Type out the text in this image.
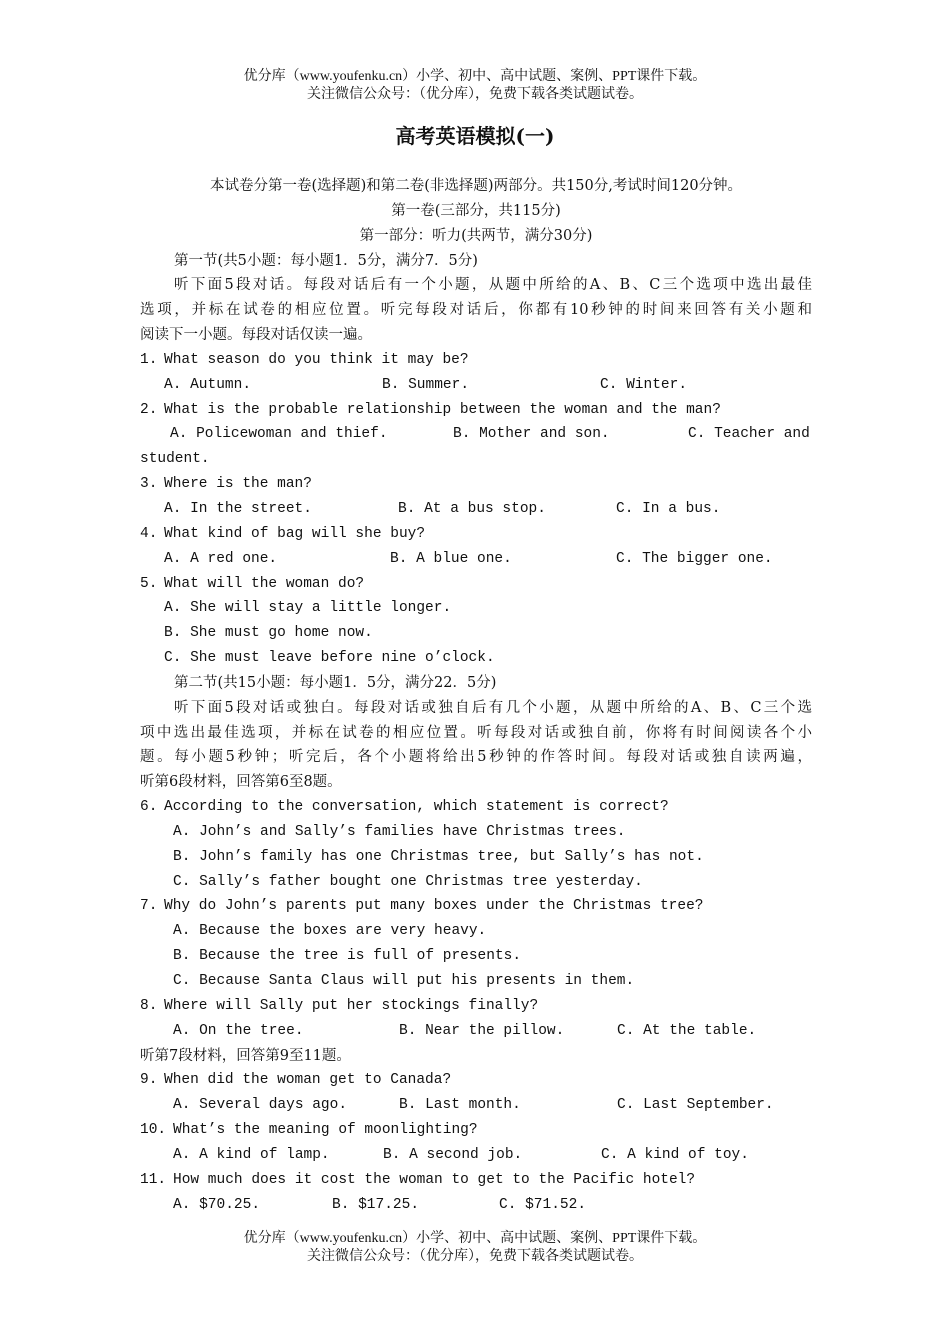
优分库（www.youfenku.cn）小学、初中、高中试题、案例、PPT课件下载。
关注微信公众号：（优分库），免费下载各类试题试卷。
高考英语模拟(一)
本试卷分第一卷(选择题)和第二卷(非选择题)两部分。共150分,考试时间120分钟。
第一卷(三部分，共115分)
第一部分：听力(共两节，满分30分)
第一节(共5小题：每小题1．5分，满分7．5分)
听下面5段对话。每段对话后有一个小题，从题中所给的A、B、C三个选项中选出最佳
选项，并标在试卷的相应位置。听完每段对话后，你都有10秒钟的时间来回答有关小题和
阅读下一小题。每段对话仅读一遍。
1. What season do you think it may be?
A. Autumn.	B. Summer.	C. Winter.
2. What is the probable relationship between the woman and the man?
A. Policewoman and thief.	B. Mother and son.	C. Teacher and
student.
3. Where is the man?
A. In the street.	B. At a bus stop.	C. In a bus.
4. What kind of bag will she buy?
A. A red one.	B. A blue one.	C. The bigger one.
5. What will the woman do?
A. She will stay a little longer.
B. She must go home now.
C. She must leave before nine o’clock.
第二节(共15小题：每小题1．5分，满分22．5分)
听下面5段对话或独白。每段对话或独自后有几个小题，从题中所给的A、B、C三个选
项中选出最佳选项，并标在试卷的相应位置。听每段对话或独自前，你将有时间阅读各个小
题。每小题5秒钟；听完后，各个小题将给出5秒钟的作答时间。每段对话或独自读两遍，
听第6段材料，回答第6至8题。
6. According to the conversation, which statement is correct?
A. John’s and Sally’s families have Christmas trees.
B. John’s family has one Christmas tree, but Sally’s has not.
C. Sally’s father bought one Christmas tree yesterday.
7. Why do John’s parents put many boxes under the Christmas tree?
A. Because the boxes are very heavy.
B. Because the tree is full of presents.
C. Because Santa Claus will put his presents in them.
8. Where will Sally put her stockings finally?
A. On the tree.	B. Near the pillow.	C. At the table.
听第7段材料，回答第9至11题。
9. When did the woman get to Canada?
A. Several days ago.	B. Last month.	C. Last September.
10. What’s the meaning of moonlighting?
A. A kind of lamp.	B. A second job.	C. A kind of toy.
11. How much does it cost the woman to get to the Pacific hotel?
A. $70.25.	B. $17.25.	C. $71.52.
优分库（www.youfenku.cn）小学、初中、高中试题、案例、PPT课件下载。
关注微信公众号：（优分库），免费下载各类试题试卷。
